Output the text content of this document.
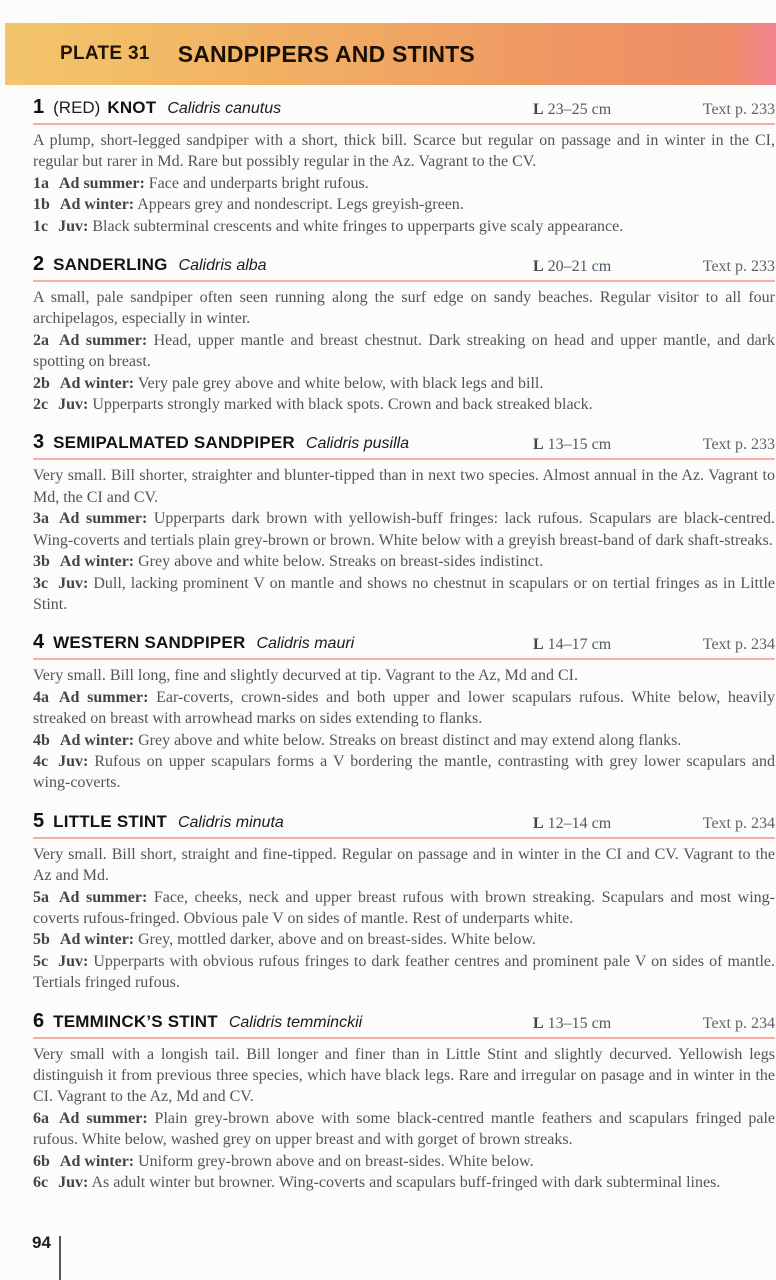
PLATE 31 SANDPIPERS AND STINTS
1 (RED) KNOT Calidris canutus	L 23–25 cm	Text p. 233

A plump, short-legged sandpiper with a short, thick bill. Scarce but regular on passage and in winter in the CI, regular but rarer in Md. Rare but possibly regular in the Az. Vagrant to the CV.

1a Ad summer: Face and underparts bright rufous.

1b Ad winter: Appears grey and nondescript. Legs greyish-green.

1c Juv: Black subterminal crescents and white fringes to upperparts give scaly appearance.

2 SANDERLING Calidris alba	L 20–21 cm	Text p. 233

A small, pale sandpiper often seen running along the surf edge on sandy beaches. Regular visitor to all four archipelagos, especially in winter.

2a Ad summer: Head, upper mantle and breast chestnut. Dark streaking on head and upper mantle, and dark spotting on breast.

2b Ad winter: Very pale grey above and white below, with black legs and bill.

2c Juv: Upperparts strongly marked with black spots. Crown and back streaked black.

3 SEMIPALMATED SANDPIPER Calidris pusilla	L 13–15 cm	Text p. 233

Very small. Bill shorter, straighter and blunter-tipped than in next two species. Almost annual in the Az. Vagrant to Md, the CI and CV.

3a Ad summer: Upperparts dark brown with yellowish-buff fringes: lack rufous. Scapulars are black-centred. Wing-coverts and tertials plain grey-brown or brown. White below with a greyish breast-band of dark shaft-streaks.

3b Ad winter: Grey above and white below. Streaks on breast-sides indistinct.

3c Juv: Dull, lacking prominent V on mantle and shows no chestnut in scapulars or on tertial fringes as in Little Stint.

4 WESTERN SANDPIPER Calidris mauri	L 14–17 cm	Text p. 234

Very small. Bill long, fine and slightly decurved at tip. Vagrant to the Az, Md and CI.

4a Ad summer: Ear-coverts, crown-sides and both upper and lower scapulars rufous. White below, heavily streaked on breast with arrowhead marks on sides extending to flanks.

4b Ad winter: Grey above and white below. Streaks on breast distinct and may extend along flanks.

4c Juv: Rufous on upper scapulars forms a V bordering the mantle, contrasting with grey lower scapulars and wing-coverts.

5 LITTLE STINT Calidris minuta	L 12–14 cm	Text p. 234

Very small. Bill short, straight and fine-tipped. Regular on passage and in winter in the CI and CV. Vagrant to the Az and Md.

5a Ad summer: Face, cheeks, neck and upper breast rufous with brown streaking. Scapulars and most wing-coverts rufous-fringed. Obvious pale V on sides of mantle. Rest of underparts white.

5b Ad winter: Grey, mottled darker, above and on breast-sides. White below.

5c Juv: Upperparts with obvious rufous fringes to dark feather centres and prominent pale V on sides of mantle. Tertials fringed rufous.

6 TEMMINCK’S STINT Calidris temminckii	L 13–15 cm	Text p. 234

Very small with a longish tail. Bill longer and finer than in Little Stint and slightly decurved. Yellowish legs distinguish it from previous three species, which have black legs. Rare and irregular on pasage and in winter in the CI. Vagrant to the Az, Md and CV.

6a Ad summer: Plain grey-brown above with some black-centred mantle feathers and scapulars fringed pale rufous. White below, washed grey on upper breast and with gorget of brown streaks.

6b Ad winter: Uniform grey-brown above and on breast-sides. White below.

6c Juv: As adult winter but browner. Wing-coverts and scapulars buff-fringed with dark subterminal lines.

94
